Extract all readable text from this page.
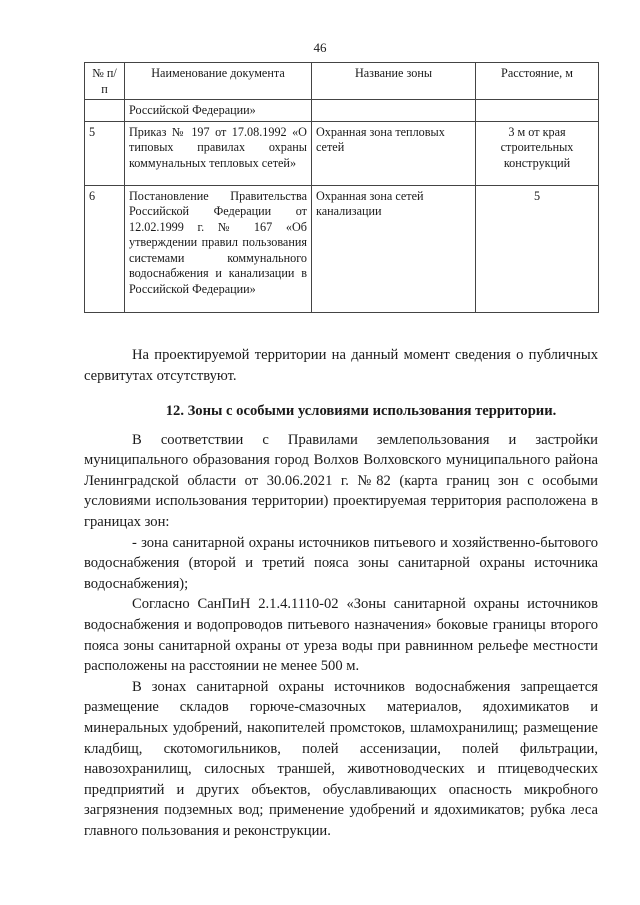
46
№ п/п	Наименование документа	Название зоны	Расстояние, м
	Российской Федерации»		
5	Приказ № 197 от 17.08.1992 «О типовых правилах охраны коммунальных тепловых сетей»	Охранная зона тепловых сетей	3 м от края строительных конструкций
6	Постановление Правительства Российской Федерации от 12.02.1999 г. № 167 «Об утверждении правил пользования системами коммунального водоснабжения и канализации в Российской Федерации»	Охранная зона сетей канализации	5

На проектируемой территории на данный момент сведения о публичных сервитутах отсутствуют.

12. Зоны с особыми условиями использования территории.

В соответствии с Правилами землепользования и застройки муниципального образования город Волхов Волховского муниципального района Ленинградской области от 30.06.2021 г. №82 (карта границ зон с особыми условиями использования территории) проектируемая территория расположена в границах зон:

- зона санитарной охраны источников питьевого и хозяйственно-бытового водоснабжения (второй и третий пояса зоны санитарной охраны источника водоснабжения);

Согласно СанПиН 2.1.4.1110-02 «Зоны санитарной охраны источников водоснабжения и водопроводов питьевого назначения» боковые границы второго пояса зоны санитарной охраны от уреза воды при равнинном рельефе местности расположены на расстоянии не менее 500 м.

В зонах санитарной охраны источников водоснабжения запрещается размещение складов горюче-смазочных материалов, ядохимикатов и минеральных удобрений, накопителей промстоков, шламохранилищ; размещение кладбищ, скотомогильников, полей ассенизации, полей фильтрации, навозохранилищ, силосных траншей, животноводческих и птицеводческих предприятий и других объектов, обуславливающих опасность микробного загрязнения подземных вод; применение удобрений и ядохимикатов; рубка леса главного пользования и реконструкции.
